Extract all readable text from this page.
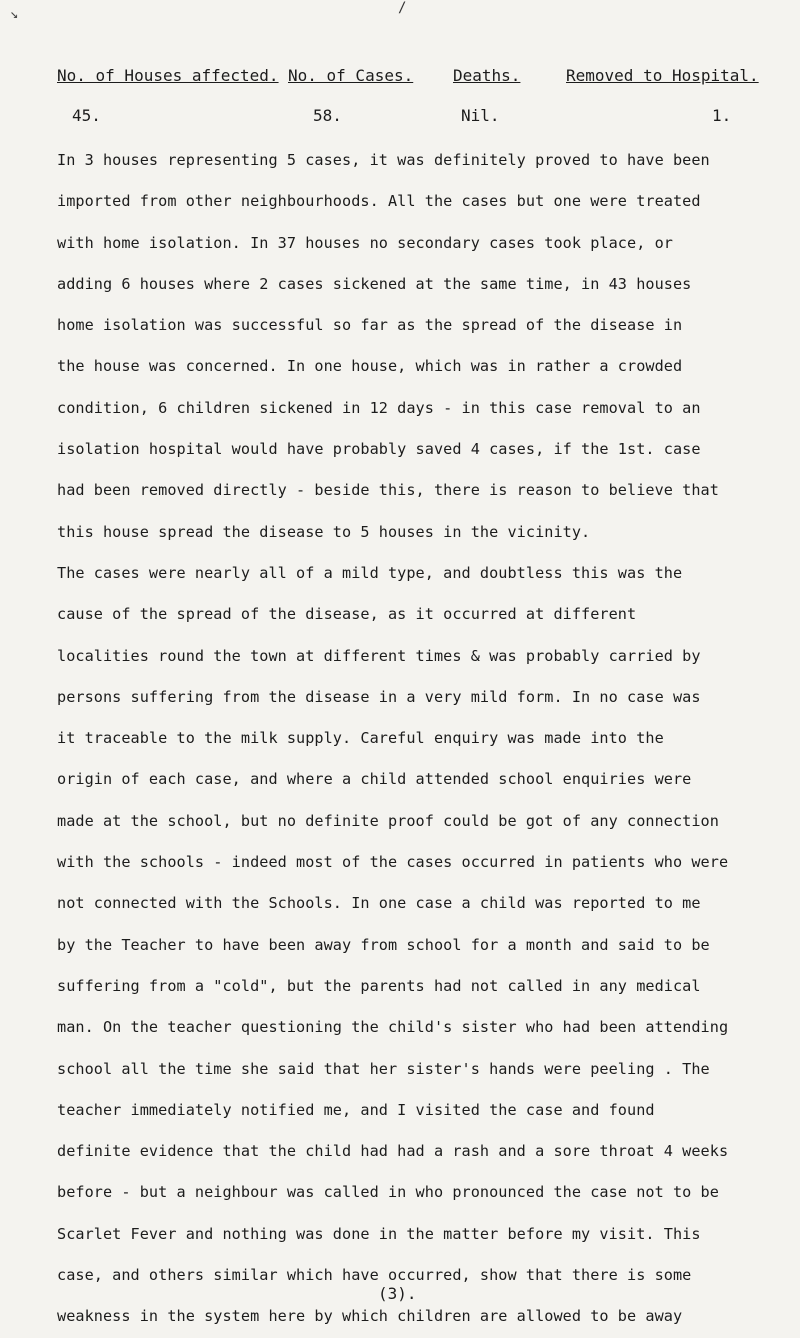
/
↘
No. of Houses affected. No. of Cases. Deaths.	Removed to Hospital.
45.	58.	Nil.	1.
In 3 houses representing 5 cases, it was definitely proved to have been
imported from other neighbourhoods. All the cases but one were treated
with home isolation. In 37 houses no secondary cases took place, or
adding 6 houses where 2 cases sickened at the same time, in 43 houses
home isolation was successful so far as the spread of the disease in
the house was concerned. In one house, which was in rather a crowded
condition, 6 children sickened in 12 days - in this case removal to an
isolation hospital would have probably saved 4 cases, if the 1st. case
had been removed directly - beside this, there is reason to believe that
this house spread the disease to 5 houses in the vicinity.
The cases were nearly all of a mild type, and doubtless this was the
cause of the spread of the disease, as it occurred at different
localities round the town at different times & was probably carried by
persons suffering from the disease in a very mild form. In no case was
it traceable to the milk supply. Careful enquiry was made into the
origin of each case, and where a child attended school enquiries were
made at the school, but no definite proof could be got of any connection
with the schools - indeed most of the cases occurred in patients who were
not connected with the Schools. In one case a child was reported to me
by the Teacher to have been away from school for a month and said to be
suffering from a "cold", but the parents had not called in any medical
man. On the teacher questioning the child's sister who had been attending
school all the time she said that her sister's hands were peeling . The
teacher immediately notified me, and I visited the case and found
definite evidence that the child had had a rash and a sore throat 4 weeks
before - but a neighbour was called in who pronounced the case not to be
Scarlet Fever and nothing was done in the matter before my visit. This
case, and others similar which have occurred, show that there is some
weakness in the system here by which children are allowed to be away
(3).
